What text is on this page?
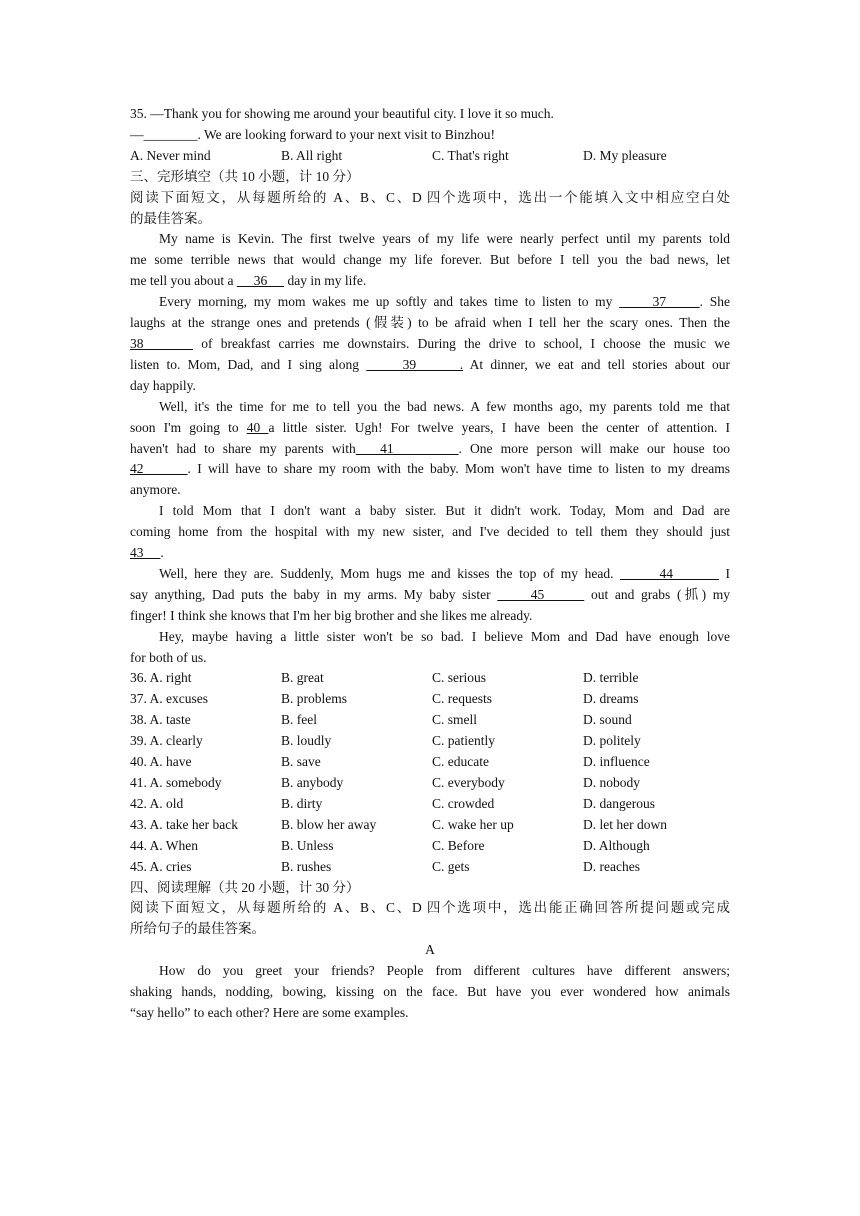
35. —Thank you for showing me around your beautiful city. I love it so much.
—________. We are looking forward to your next visit to Binzhou!
A. Never mind	B. All right	C. That's right	D. My pleasure
三、完形填空（共 10 小题，计 10 分）
阅读下面短文，从每题所给的 A、B、C、D 四个选项中，选出一个能填入文中相应空白处
的最佳答案。
My name is Kevin. The first twelve years of my life were nearly perfect until my parents told
me some terrible news that would change my life forever. But before I tell you the bad news, let
me tell you about a      36      day in my life.
Every morning, my mom wakes me up softly and takes time to listen to my      37     . She
laughs at the strange ones and pretends (假装) to be afraid when I tell her the scary ones. Then the
38       of breakfast carries me downstairs. During the drive to school, I choose the music we
listen to. Mom, Dad, and I sing along      39      . At dinner, we eat and tell stories about our
day happily.
Well, it's the time for me to tell you the bad news. A few months ago, my parents told me that
soon I'm going to 40 a little sister. Ugh! For twelve years, I have been the center of attention. I
haven't had to share my parents with   41        . One more person will make our house too
42       . I will have to share my room with the baby. Mom won't have time to listen to my dreams
anymore.
I told Mom that I don't want a baby sister. But it didn't work. Today, Mom and Dad are
coming home from the hospital with my new sister, and I've decided to tell them they should just
43     .
Well, here they are. Suddenly, Mom hugs me and kisses the top of my head.       44        I
say anything, Dad puts the baby in my arms. My baby sister      45       out and grabs (抓) my
finger! I think she knows that I'm her big brother and she likes me already.
Hey, maybe having a little sister won't be so bad. I believe Mom and Dad have enough love
for both of us.
36. A. right	B. great	C. serious	D. terrible
37. A. excuses	B. problems	C. requests	D. dreams
38. A. taste	B. feel	C. smell	D. sound
39. A. clearly	B. loudly	C. patiently	D. politely
40. A. have	B. save	C. educate	D. influence
41. A. somebody	B. anybody	C. everybody	D. nobody
42. A. old	B. dirty	C. crowded	D. dangerous
43. A. take her back	B. blow her away	C. wake her up	D. let her down
44. A. When	B. Unless	C. Before	D. Although
45. A. cries	B. rushes	C. gets	D. reaches
四、阅读理解（共 20 小题，计 30 分）
阅读下面短文，从每题所给的 A、B、C、D 四个选项中，选出能正确回答所提问题或完成
所给句子的最佳答案。
A
How do you greet your friends? People from different cultures have different answers;
shaking hands, nodding, bowing, kissing on the face. But have you ever wondered how animals
“say hello” to each other? Here are some examples.
